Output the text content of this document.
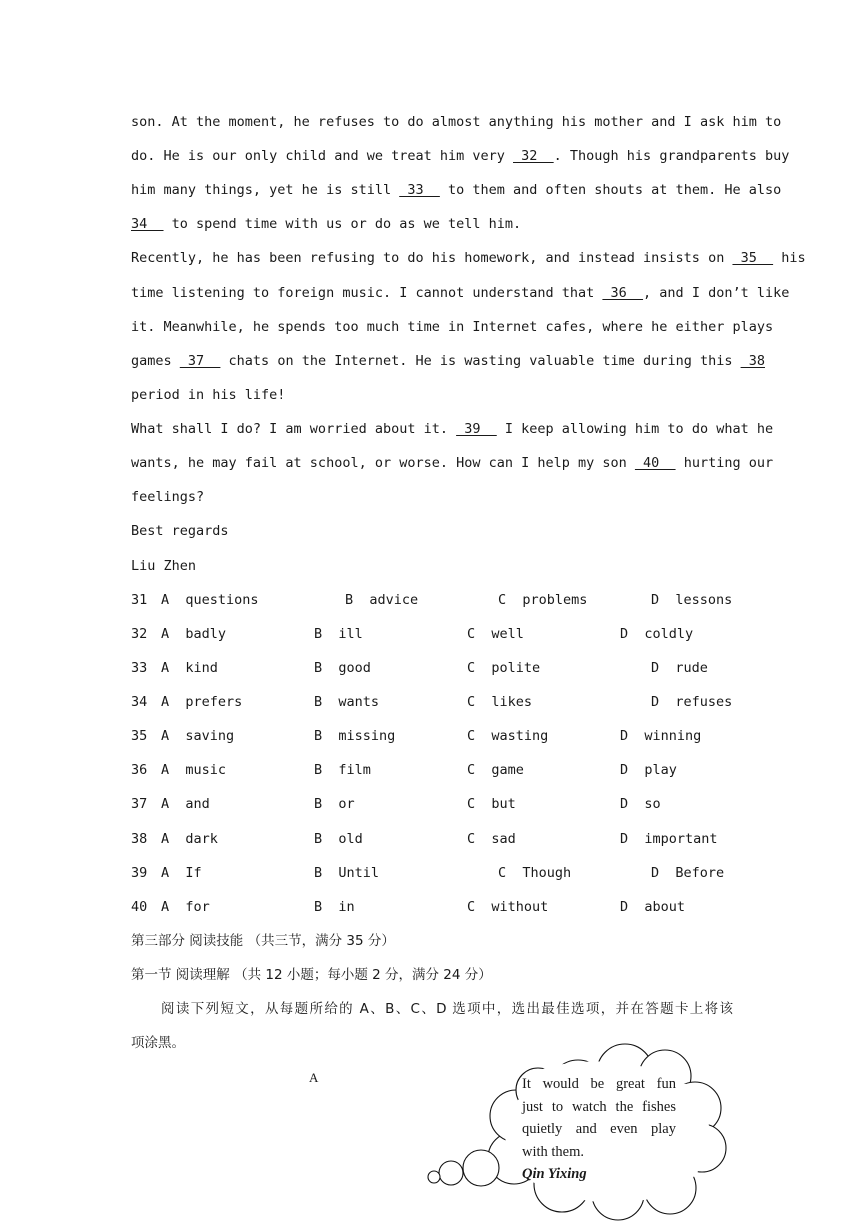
son. At the moment, he refuses to do almost anything his mother and I ask him to
do. He is our only child and we treat him very  32  . Though his grandparents buy
him many things, yet he is still  33   to them and often shouts at them. He also
34   to spend time with us or do as we tell him.
Recently, he has been refusing to do his homework, and instead insists on  35   his
time listening to foreign music. I cannot understand that  36  , and I don’t like
it. Meanwhile, he spends too much time in Internet cafes, where he either plays
games  37   chats on the Internet. He is wasting valuable time during this  38
period in his life!
What shall I do? I am worried about it.  39   I keep allowing him to do what he
wants, he may fail at school, or worse. How can I help my son  40   hurting our
feelings?
Best regards
Liu Zhen
31 A  questions	B  advice	C  problems	D  lessons
32 A  badly	B  ill	C  well	D  coldly
33 A  kind	B  good	C  polite	D  rude
34 A  prefers	B  wants	C  likes	D  refuses
35 A  saving	B  missing	C  wasting	D  winning
36 A  music	B  film	C  game	D  play
37 A  and	B  or	C  but	D  so
38 A  dark	B  old	C  sad	D  important
39 A  If	B  Until	C  Though	D  Before
40 A  for	B  in	C  without	D  about
第三部分 阅读技能 （共三节，满分 35 分）
第一节 阅读理解 （共 12 小题；每小题 2 分，满分 24 分）
阅读下列短文，从每题所给的 A、B、C、D 选项中，选出最佳选项，并在答题卡上将该
项涂黑。
A	It would be great fun
just to watch the fishes
quietly and even play
with them.
Qin Yixing
